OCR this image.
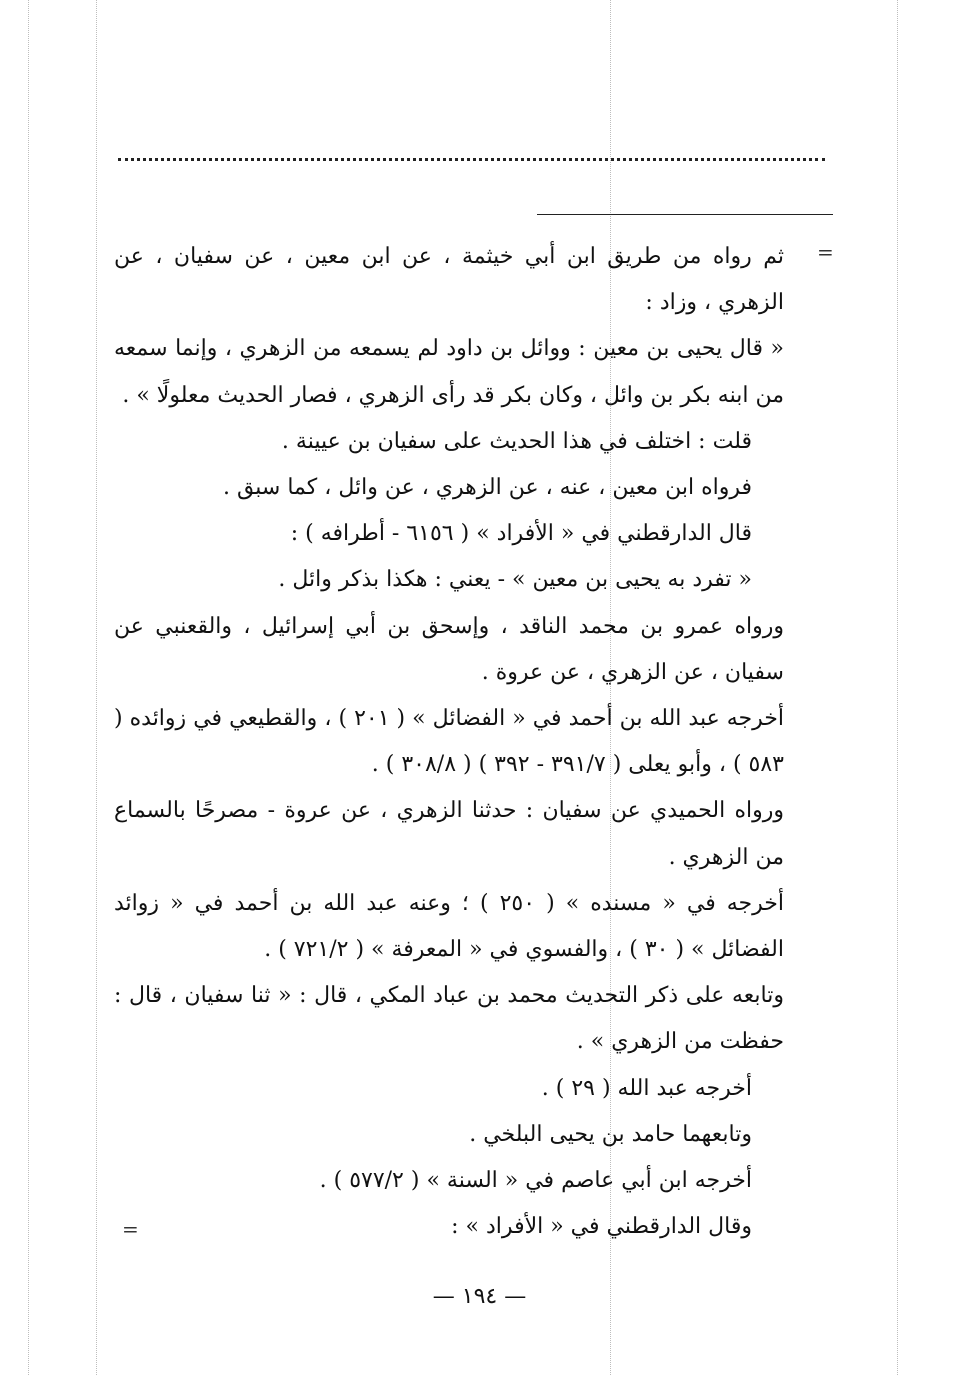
=
=

ثم رواه من طريق ابن أبي خيثمة ، عن ابن معين ، عن سفيان ، عن الزهري ، وزاد :

« قال يحيى بن معين : ووائل بن داود لم يسمعه من الزهري ، وإنما سمعه من ابنه بكر بن وائل ، وكان بكر قد رأى الزهري ، فصار الحديث معلولًا » .

قلت : اختلف في هذا الحديث على سفيان بن عيينة .

فرواه ابن معين ، عنه ، عن الزهري ، عن وائل ، كما سبق .

قال الدارقطني في « الأفراد » ( ٦١٥٦ - أطرافه ) :

« تفرد به يحيى بن معين » - يعني : هكذا بذكر وائل .

ورواه عمرو بن محمد الناقد ، وإسحق بن أبي إسرائيل ، والقعنبي عن سفيان ، عن الزهري ، عن عروة .

أخرجه عبد الله بن أحمد في « الفضائل » ( ٢٠١ ) ، والقطيعي في زوائده ( ٥٨٣ ) ، وأبو يعلى ( ٣٩١/٧ - ٣٩٢ ) ( ٣٠٨/٨ ) .

ورواه الحميدي عن سفيان : حدثنا الزهري ، عن عروة - مصرحًا بالسماع من الزهري .

أخرجه في « مسنده » ( ٢٥٠ ) ؛ وعنه عبد الله بن أحمد في « زوائد الفضائل » ( ٣٠ ) ، والفسوي في « المعرفة » ( ٧٢١/٢ ) .

وتابعه على ذكر التحديث محمد بن عباد المكي ، قال : « ثنا سفيان ، قال : حفظت من الزهري » .

أخرجه عبد الله ( ٢٩ ) .

وتابعهما حامد بن يحيى البلخي .

أخرجه ابن أبي عاصم في « السنة » ( ٥٧٧/٢ ) .

وقال الدارقطني في « الأفراد » :

— ١٩٤ —
